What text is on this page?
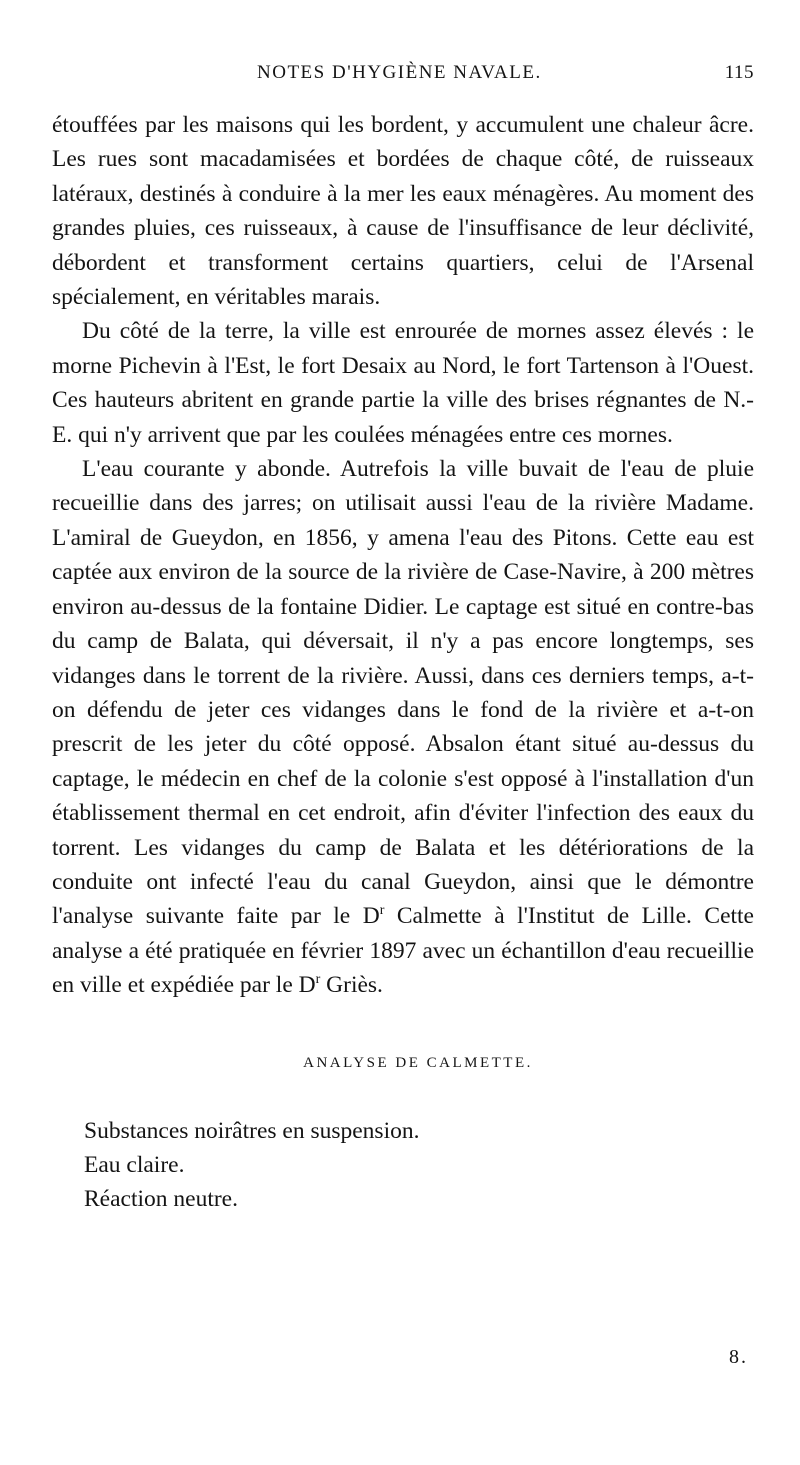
NOTES D'HYGIÈNE NAVALE.	115

étouffées par les maisons qui les bordent, y accumulent une chaleur âcre. Les rues sont macadamisées et bordées de chaque côté, de ruisseaux latéraux, destinés à conduire à la mer les eaux ménagères. Au moment des grandes pluies, ces ruisseaux, à cause de l'insuffisance de leur déclivité, débordent et transforment certains quartiers, celui de l'Arsenal spécialement, en véritables marais.

Du côté de la terre, la ville est enrourée de mornes assez élevés : le morne Pichevin à l'Est, le fort Desaix au Nord, le fort Tartenson à l'Ouest. Ces hauteurs abritent en grande partie la ville des brises régnantes de N.-E. qui n'y arrivent que par les coulées ménagées entre ces mornes.

L'eau courante y abonde. Autrefois la ville buvait de l'eau de pluie recueillie dans des jarres; on utilisait aussi l'eau de la rivière Madame. L'amiral de Gueydon, en 1856, y amena l'eau des Pitons. Cette eau est captée aux environ de la source de la rivière de Case-Navire, à 200 mètres environ au-dessus de la fontaine Didier. Le captage est situé en contre-bas du camp de Balata, qui déversait, il n'y a pas encore longtemps, ses vidanges dans le torrent de la rivière. Aussi, dans ces derniers temps, a-t-on défendu de jeter ces vidanges dans le fond de la rivière et a-t-on prescrit de les jeter du côté opposé. Absalon étant situé au-dessus du captage, le médecin en chef de la colonie s'est opposé à l'installation d'un établissement thermal en cet endroit, afin d'éviter l'infection des eaux du torrent. Les vidanges du camp de Balata et les détériorations de la conduite ont infecté l'eau du canal Gueydon, ainsi que le démontre l'analyse suivante faite par le $D^r$ Calmette à l'Institut de Lille. Cette analyse a été pratiquée en février 1897 avec un échantillon d'eau recueillie en ville et expédiée par le $D^r$ Griès.

ANALYSE DE CALMETTE.
Substances noirâtres en suspension.
Eau claire.
Réaction neutre.
8.
